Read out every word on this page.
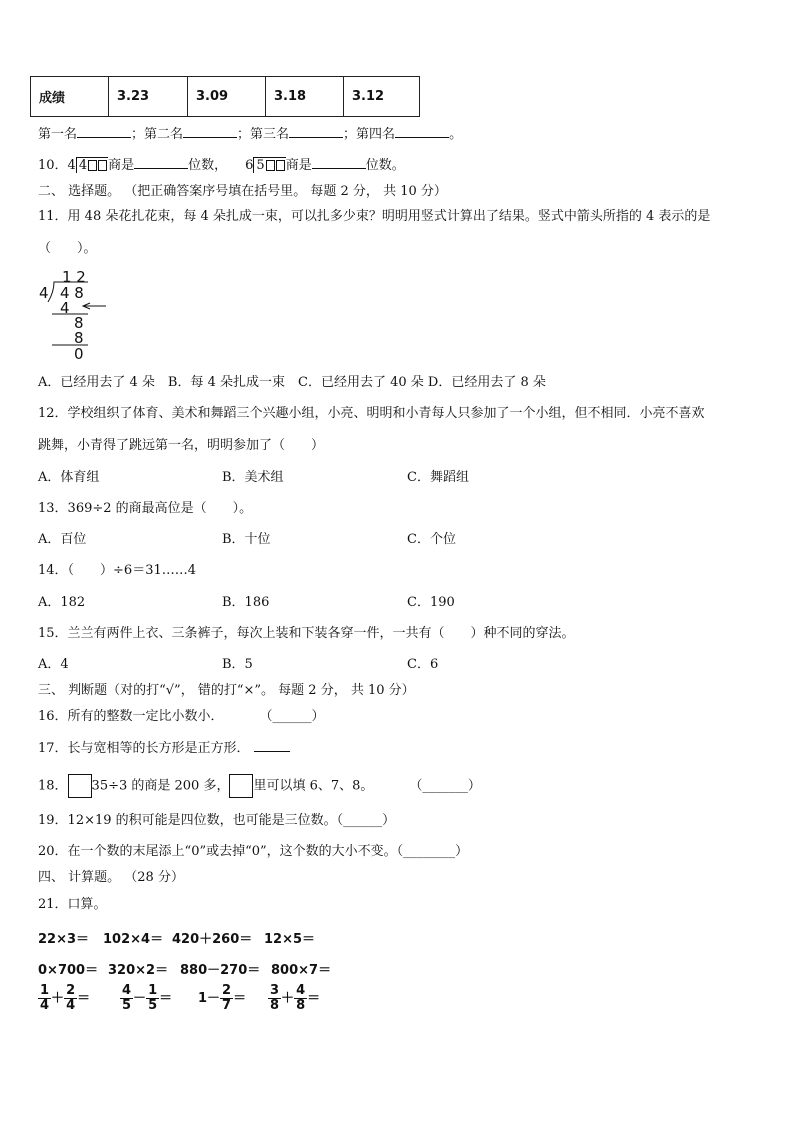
成绩	3.23	3.09	3.18	3.12
第一名	；第二名	；第三名	；第四名	。
10．4 4 商是	位数， 6 5 商是	位数。
二、 选择题。 （把正确答案序号填在括号里。 每题 2 分， 共 10 分）
11．用 48 朵花扎花束，每 4 朵扎成一束，可以扎多少束？明明用竖式计算出了结果。竖式中箭头所指的 4 表示的是
（　　）。
1 2
4 4 8
4
8
8
0
A．已经用去了 4 朵　B．每 4 朵扎成一束　C．已经用去了 40 朵 D．已经用去了 8 朵
12．学校组织了体育、美术和舞蹈三个兴趣小组，小亮、明明和小青每人只参加了一个小组，但不相同．小亮不喜欢
跳舞，小青得了跳远第一名，明明参加了（　　）
A．体育组	B．美术组	C．舞蹈组
13．369÷2 的商最高位是（　　）。
A．百位	B．十位	C．个位
14．（　　）÷6＝31……4
A．182	B．186	C．190
15．兰兰有两件上衣、三条裤子，每次上装和下装各穿一件，一共有（　　）种不同的穿法。
A．4	B．5	C．6
三、 判断题（对的打“√”， 错的打“×”。 每题 2 分， 共 10 分）
16．所有的整数一定比小数小．	（______）
17．长与宽相等的长方形是正方形．
18． 35÷3 的商是 200 多， 里可以填 6、7、8。	（_______）
19．12×19 的积可能是四位数，也可能是三位数。（______）
20．在一个数的末尾添上“0”或去掉“0”，这个数的大小不变。（________）
四、 计算题。 （28 分）
21．口算。
22×3＝ 102×4＝ 420＋260＝ 12×5＝
0×700＝ 320×2＝ 880－270＝ 800×7＝
$\frac{1}{4} + \frac{2}{4} = \frac{4}{5} - \frac{1}{5} = 1- \frac{2}{7} = \frac{3}{8} + \frac{4}{8}$ ＝
